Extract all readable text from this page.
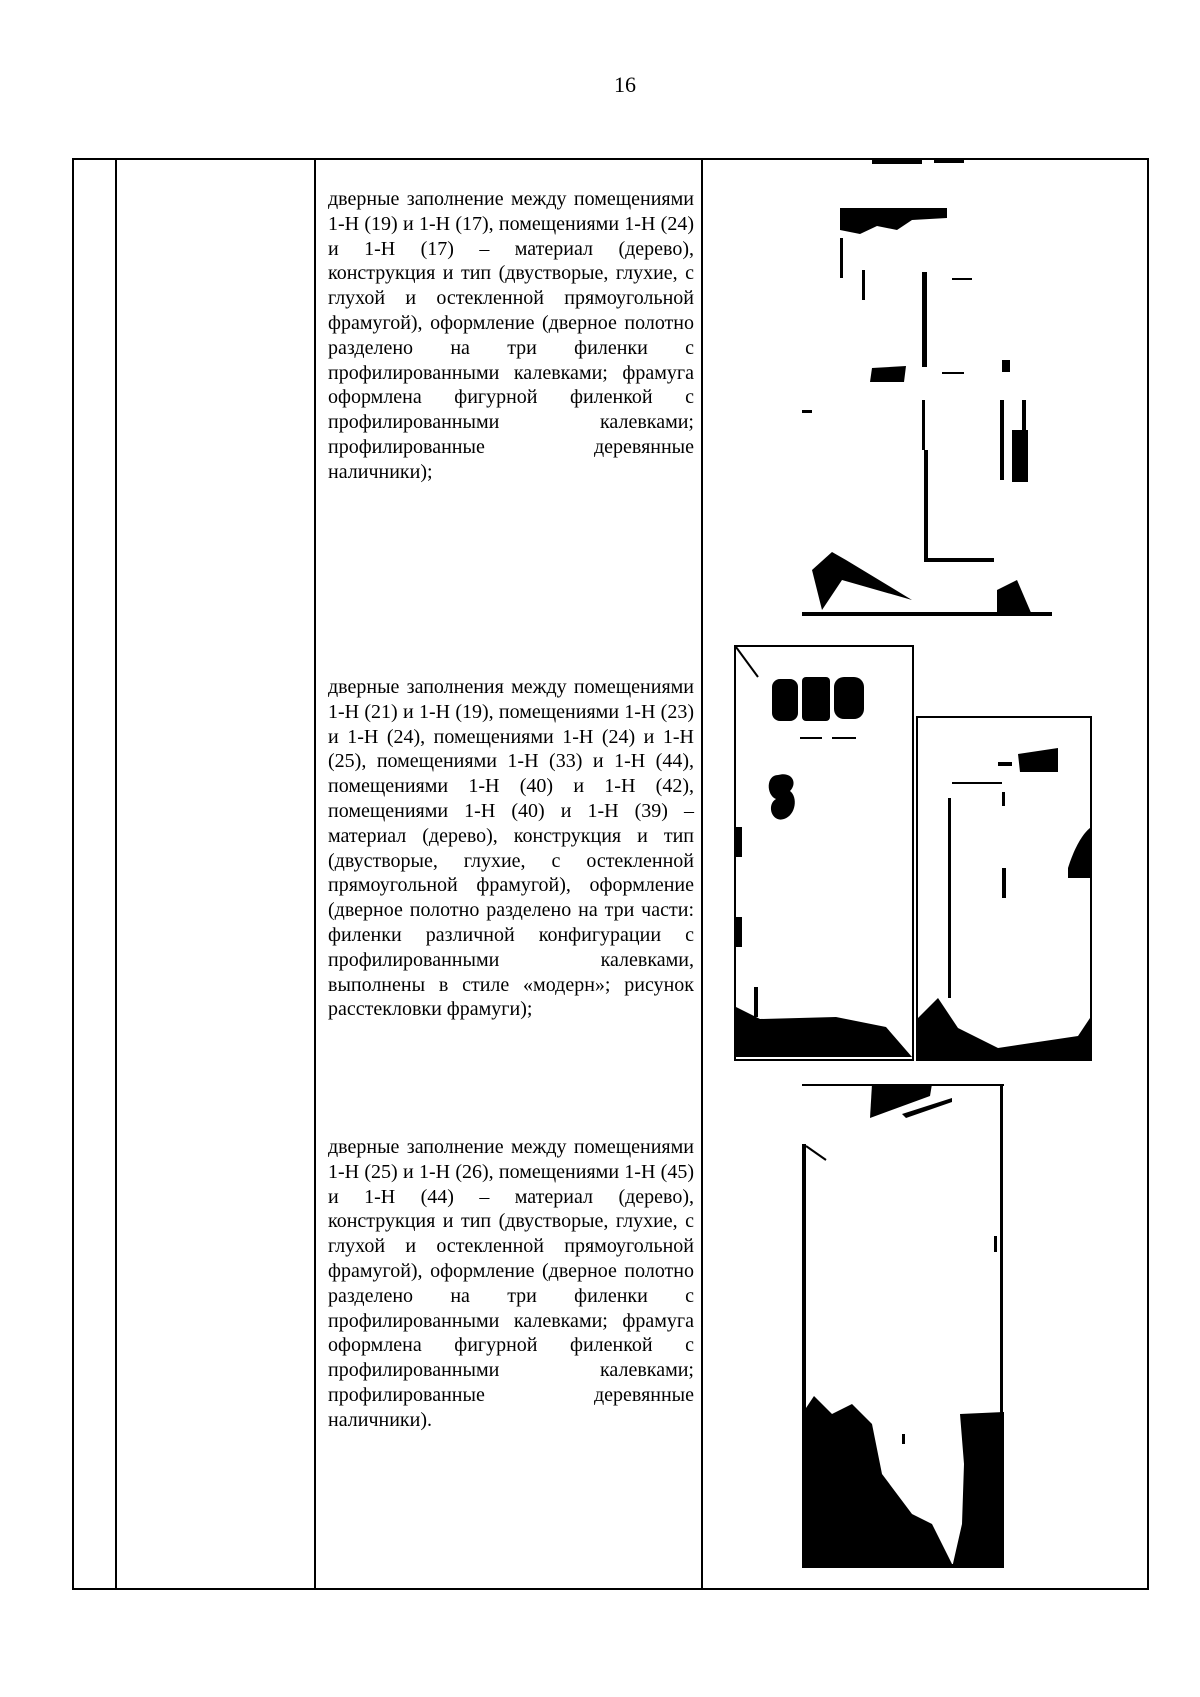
16

дверные заполнение между помещениями 1-Н (19) и 1-Н (17), помещениями 1-Н (24) и 1-Н (17) – материал (дерево), конструкция и тип (двустворые, глухие, с глухой и остекленной прямоугольной фрамугой), оформление (дверное полотно разделено на три филенки с профилированными калевками; фрамуга оформлена фигурной филенкой с профилированными калевками; профилированные деревянные наличники);

дверные заполнения между помещениями 1-Н (21) и 1-Н (19), помещениями 1-Н (23) и 1-Н (24), помещениями 1-Н (24) и 1-Н (25), помещениями 1-Н (33) и 1-Н (44), помещениями 1-Н (40) и 1-Н (42), помещениями 1-Н (40) и 1-Н (39) – материал (дерево), конструкция и тип (двустворые, глухие, с остекленной прямоугольной фрамугой), оформление (дверное полотно разделено на три части: филенки различной конфигурации с профилированными калевками, выполнены в стиле «модерн»; рисунок расстекловки фрамуги);

дверные заполнение между помещениями 1-Н (25) и 1-Н (26), помещениями 1-Н (45) и 1-Н (44) – материал (дерево), конструкция и тип (двустворые, глухие, с глухой и остекленной прямоугольной фрамугой), оформление (дверное полотно разделено на три филенки с профилированными калевками; фрамуга оформлена фигурной филенкой с профилированными калевками; профилированные деревянные наличники).
